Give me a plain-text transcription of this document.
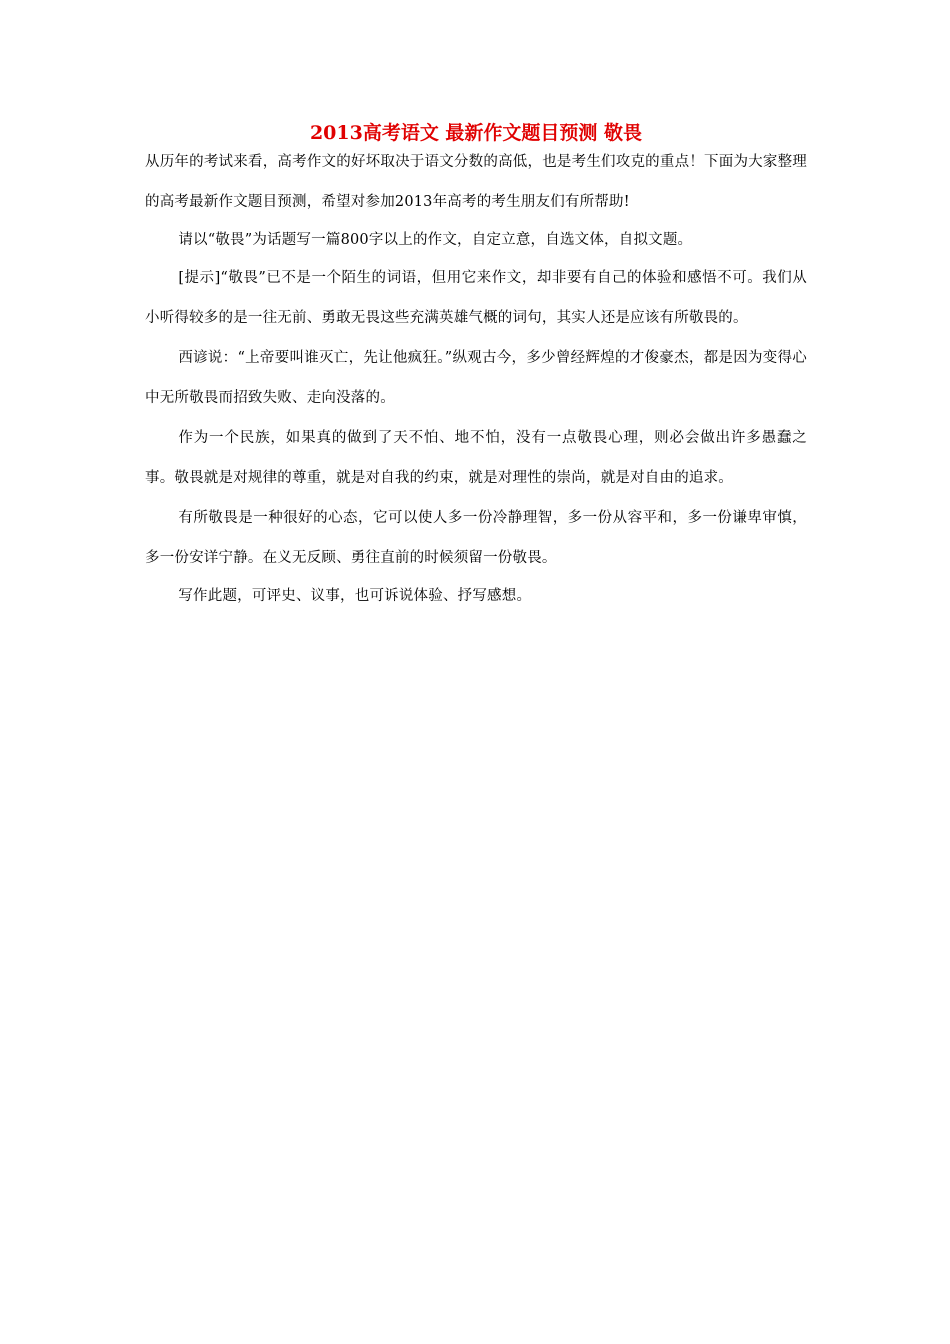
2013高考语文 最新作文题目预测 敬畏

从历年的考试来看，高考作文的好坏取决于语文分数的高低，也是考生们攻克的重点！下面为大家整理的高考最新作文题目预测，希望对参加2013年高考的考生朋友们有所帮助!

请以“敬畏”为话题写一篇800字以上的作文，自定立意，自选文体，自拟文题。

[提示]“敬畏”已不是一个陌生的词语，但用它来作文，却非要有自己的体验和感悟不可。我们从小听得较多的是一往无前、勇敢无畏这些充满英雄气概的词句，其实人还是应该有所敬畏的。

西谚说：“上帝要叫谁灭亡，先让他疯狂。”纵观古今，多少曾经辉煌的才俊豪杰，都是因为变得心中无所敬畏而招致失败、走向没落的。

作为一个民族，如果真的做到了天不怕、地不怕，没有一点敬畏心理，则必会做出许多愚蠢之事。敬畏就是对规律的尊重，就是对自我的约束，就是对理性的崇尚，就是对自由的追求。

有所敬畏是一种很好的心态，它可以使人多一份冷静理智，多一份从容平和，多一份谦卑审慎，多一份安详宁静。在义无反顾、勇往直前的时候须留一份敬畏。

写作此题，可评史、议事，也可诉说体验、抒写感想。
